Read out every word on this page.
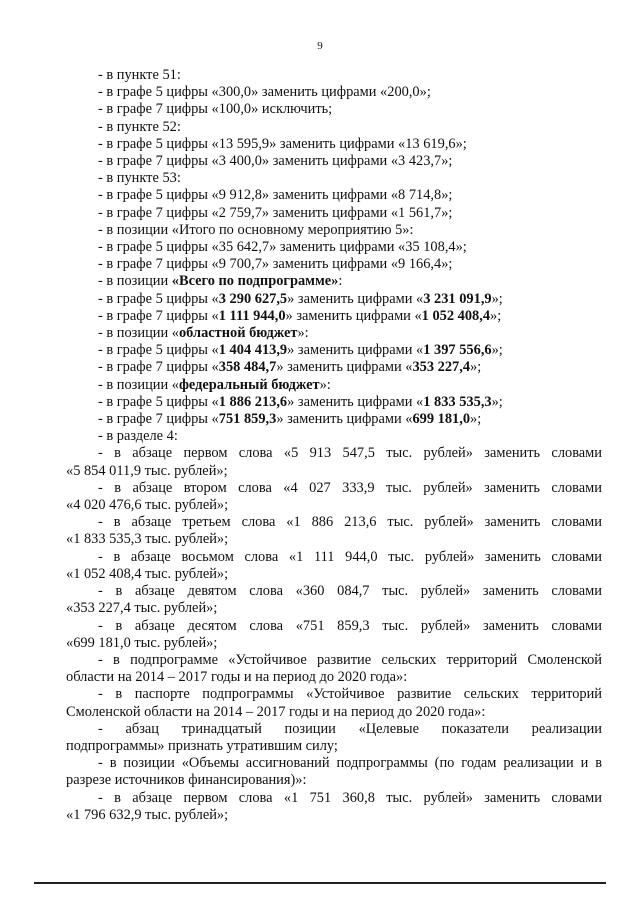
9
- в пункте 51:
- в графе 5 цифры «300,0» заменить цифрами «200,0»;
- в графе 7 цифры «100,0» исключить;
- в пункте 52:
- в графе 5 цифры «13 595,9» заменить цифрами «13 619,6»;
- в графе 7 цифры «3 400,0» заменить цифрами «3 423,7»;
- в пункте 53:
- в графе 5 цифры «9 912,8» заменить цифрами «8 714,8»;
- в графе 7 цифры «2 759,7» заменить цифрами «1 561,7»;
- в позиции «Итого по основному мероприятию 5»:
- в графе 5 цифры «35 642,7» заменить цифрами «35 108,4»;
- в графе 7 цифры «9 700,7» заменить цифрами «9 166,4»;
- в позиции «Всего по подпрограмме»:
- в графе 5 цифры «3 290 627,5» заменить цифрами «3 231 091,9»;
- в графе 7 цифры «1 111 944,0» заменить цифрами «1 052 408,4»;
- в позиции «областной бюджет»:
- в графе 5 цифры «1 404 413,9» заменить цифрами «1 397 556,6»;
- в графе 7 цифры «358 484,7» заменить цифрами «353 227,4»;
- в позиции «федеральный бюджет»:
- в графе 5 цифры «1 886 213,6» заменить цифрами «1 833 535,3»;
- в графе 7 цифры «751 859,3» заменить цифрами «699 181,0»;
- в разделе 4:
- в абзаце первом слова «5 913 547,5 тыс. рублей» заменить словами
«5 854 011,9 тыс. рублей»;
- в абзаце втором слова «4 027 333,9 тыс. рублей» заменить словами
«4 020 476,6 тыс. рублей»;
- в абзаце третьем слова «1 886 213,6 тыс. рублей» заменить словами
«1 833 535,3 тыс. рублей»;
- в абзаце восьмом слова «1 111 944,0 тыс. рублей» заменить словами
«1 052 408,4 тыс. рублей»;
- в абзаце девятом слова «360 084,7 тыс. рублей» заменить словами
«353 227,4 тыс. рублей»;
- в абзаце десятом слова «751 859,3 тыс. рублей» заменить словами
«699 181,0 тыс. рублей»;
- в подпрограмме «Устойчивое развитие сельских территорий Смоленской
области на 2014 – 2017 годы и на период до 2020 года»:
- в паспорте подпрограммы «Устойчивое развитие сельских территорий
Смоленской области на 2014 – 2017 годы и на период до 2020 года»:
- абзац тринадцатый позиции «Целевые показатели реализации
подпрограммы» признать утратившим силу;
- в позиции «Объемы ассигнований подпрограммы (по годам реализации и в
разрезе источников финансирования)»:
- в абзаце первом слова «1 751 360,8 тыс. рублей» заменить словами
«1 796 632,9 тыс. рублей»;
